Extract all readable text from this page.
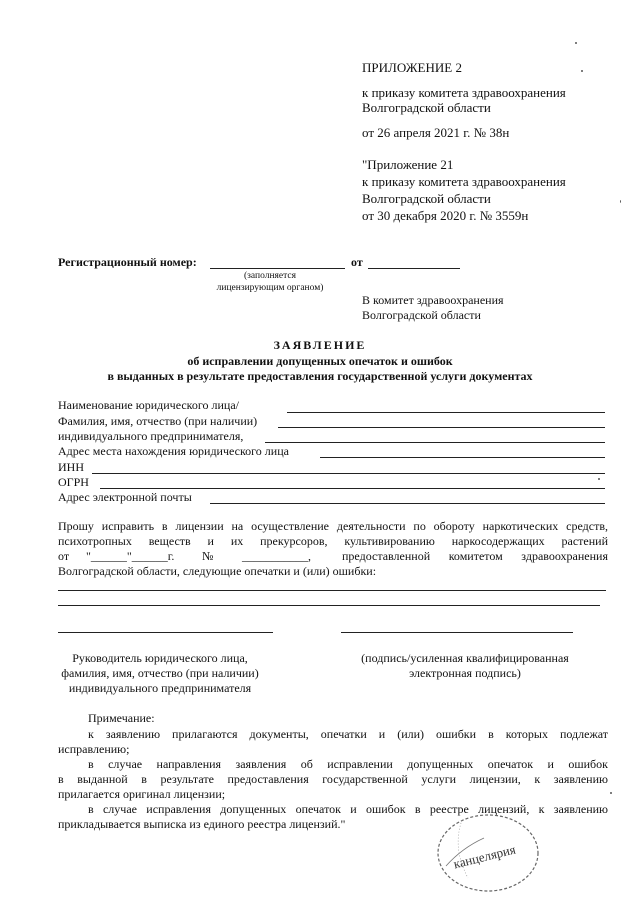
ПРИЛОЖЕНИЕ 2
к приказу комитета здравоохранения
Волгоградской области
от 26 апреля 2021 г. № 38н
"Приложение 21
к приказу комитета здравоохранения
Волгоградской области
от 30 декабря 2020 г. № 3559н
Регистрационный номер:	от
(заполняется
лицензирующим органом)
В комитет здравоохранения
Волгоградской области
ЗАЯВЛЕНИЕ
об исправлении допущенных опечаток и ошибок
в выданных в результате предоставления государственной услуги документах
Наименование юридического лица/
Фамилия, имя, отчество (при наличии)
индивидуального предпринимателя,
Адрес места нахождения юридического лица
ИНН
ОГРН
Адрес электронной почты
Прошу исправить в лицензии на осуществление деятельности по обороту наркотических средств,
психотропных веществ и их прекурсоров, культивированию наркосодержащих растений
от "______"______г. № ___________,	предоставленной комитетом здравоохранения
Волгоградской области, следующие опечатки и (или) ошибки:
Руководитель юридического лица,
фамилия, имя, отчество (при наличии)
индивидуального предпринимателя
(подпись/усиленная квалифицированная
электронная подпись)
Примечание:
к заявлению прилагаются документы, опечатки и (или) ошибки в которых подлежат
исправлению;
в случае направления заявления об исправлении допущенных опечаток и ошибок
в выданной в результате предоставления государственной услуги лицензии, к заявлению
прилагается оригинал лицензии;
в случае исправления допущенных опечаток и ошибок в реестре лицензий, к заявлению
прикладывается выписка из единого реестра лицензий."
канцелярия
